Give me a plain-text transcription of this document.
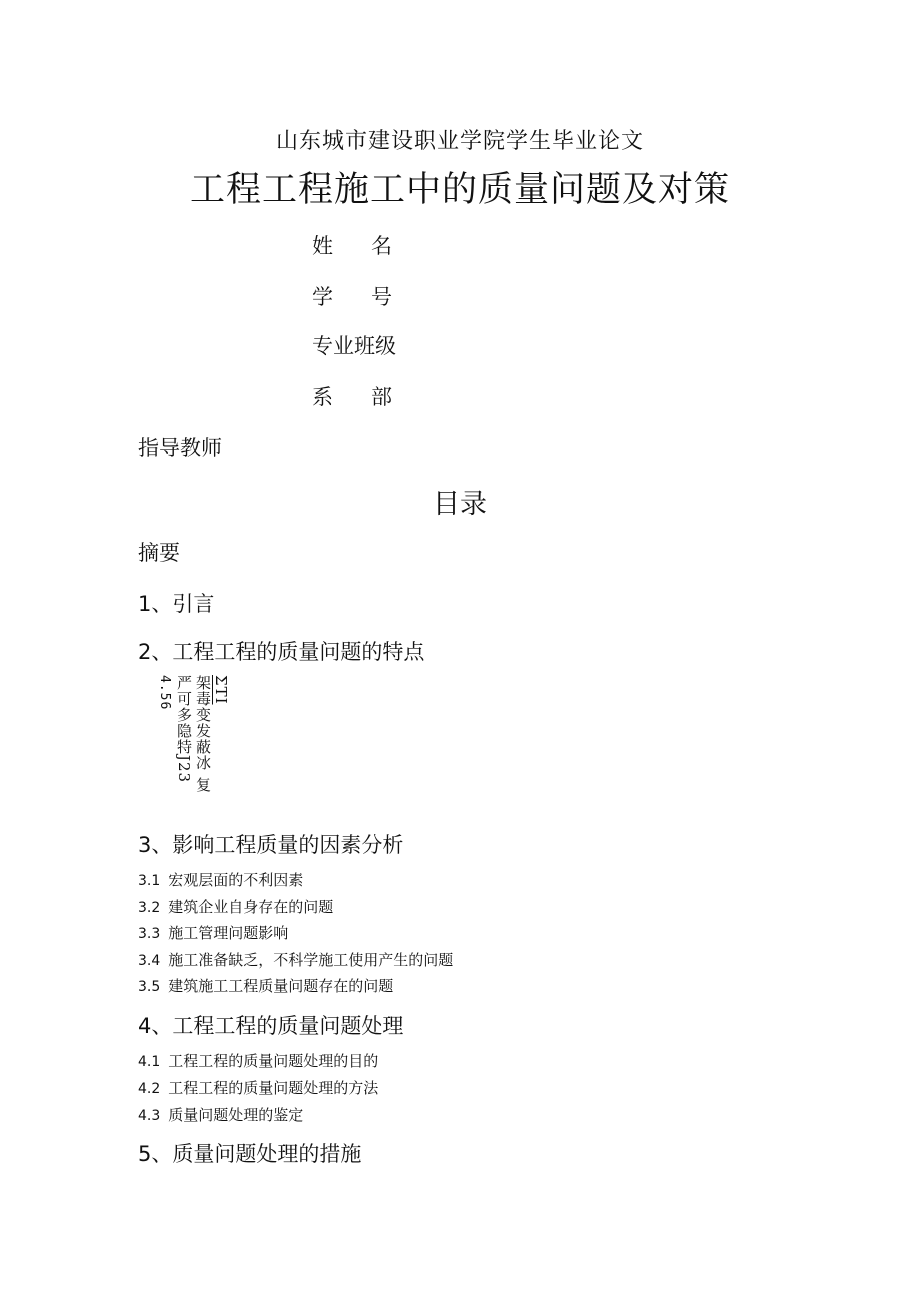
山东城市建设职业学院学生毕业论文
工程工程施工中的质量问题及对策
姓名
学号
专业班级
系部
指导教师
目录
摘要
1、引言
2、工程工程的质量问题的特点
ΣTI
架毒变发蔽冰 复
严可多隐特J23
4.56
3、影响工程质量的因素分析
3.1 宏观层面的不利因素
3.2 建筑企业自身存在的问题
3.3 施工管理问题影响
3.4 施工准备缺乏，不科学施工使用产生的问题
3.5 建筑施工工程质量问题存在的问题
4、工程工程的质量问题处理
4.1 工程工程的质量问题处理的目的
4.2 工程工程的质量问题处理的方法
4.3 质量问题处理的鉴定
5、质量问题处理的措施
